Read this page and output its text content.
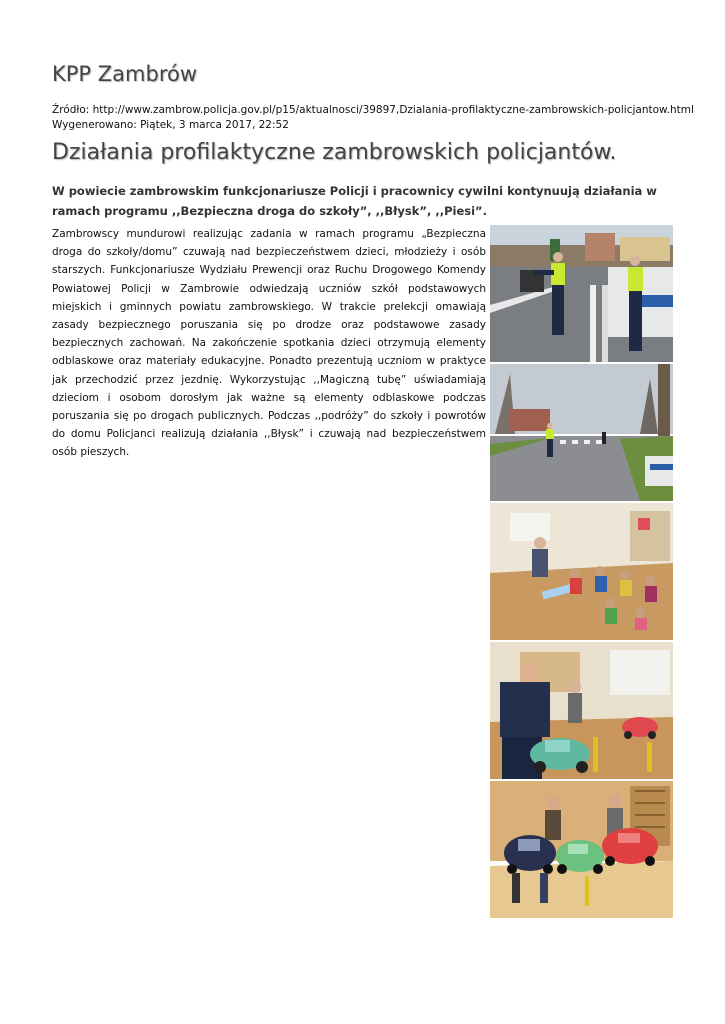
KPP Zambrów
Źródło: http://www.zambrow.policja.gov.pl/p15/aktualnosci/39897,Dzialania-profilaktyczne-zambrowskich-policjantow.html
Wygenerowano: Piątek, 3 marca 2017, 22:52
Działania profilaktyczne zambrowskich policjantów.

W powiecie zambrowskim funkcjonariusze Policji i pracownicy cywilni kontynuują działania w ramach programu ,,Bezpieczna droga do szkoły”, ,,Błysk”, ,,Piesi”.

Zambrowscy mundurowi realizując zadania w ramach programu „Bezpieczna droga do szkoły/domu” czuwają nad bezpieczeństwem dzieci, młodzieży i osób starszych. Funkcjonariusze Wydziału Prewencji oraz Ruchu Drogowego Komendy Powiatowej Policji w Zambrowie odwiedzają uczniów szkół podstawowych miejskich i gminnych powiatu zambrowskiego. W trakcie prelekcji omawiają zasady bezpiecznego poruszania się po drodze oraz podstawowe zasady bezpiecznych zachowań. Na zakończenie spotkania dzieci otrzymują elementy odblaskowe oraz materiały edukacyjne. Ponadto prezentują uczniom w praktyce jak przechodzić przez jezdnię. Wykorzystując ,,Magiczną tubę” uświadamiają dzieciom i osobom dorosłym jak ważne są elementy odblaskowe podczas poruszania się po drogach publicznych. Podczas ,,podróży” do szkoły i powrotów do domu Policjanci realizują działania ,,Błysk” i czuwają nad bezpieczeństwem osób pieszych.
